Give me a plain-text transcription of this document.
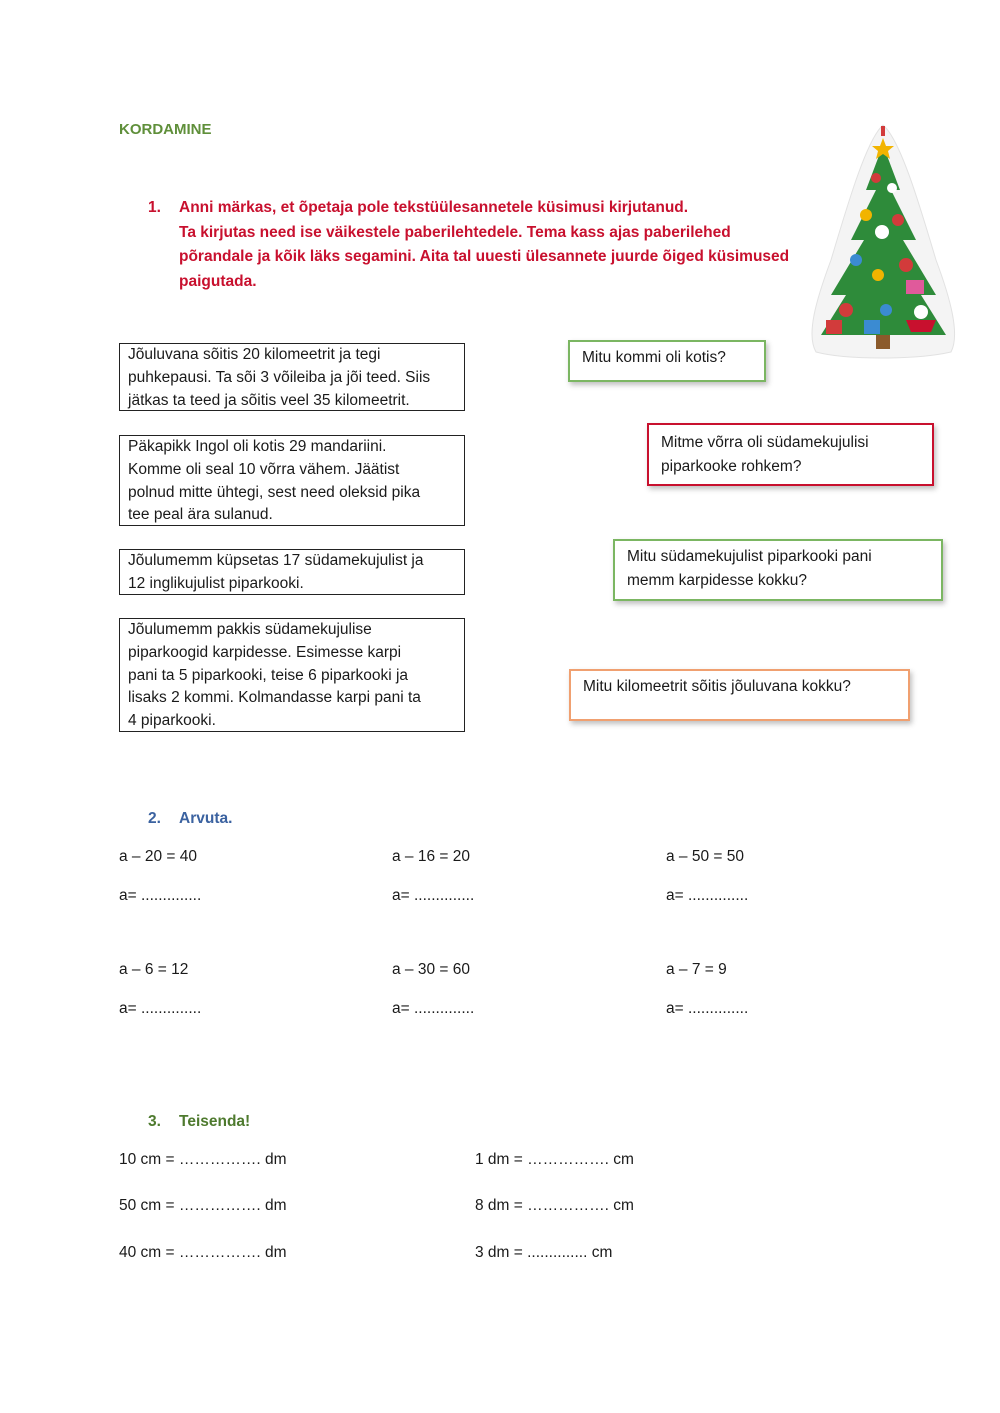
KORDAMINE
1. Anni märkas, et õpetaja pole tekstüülesannetele küsimusi kirjutanud.
Ta kirjutas need ise väikestele paberilehtedele. Tema kass ajas paberilehed
põrandale ja kõik läks segamini. Aita tal uuesti ülesannete juurde õiged küsimused
paigutada.
Jõuluvana sõitis 20 kilomeetrit ja tegi
puhkepausi. Ta sõi 3 võileiba ja jõi teed. Siis
jätkas ta teed ja sõitis veel 35 kilomeetrit.
Päkapikk Ingol oli kotis 29 mandariini.
Komme oli seal 10 võrra vähem. Jäätist
polnud mitte ühtegi, sest need oleksid pika
tee peal ära sulanud.
Jõulumemm küpsetas 17 südamekujulist ja
12 inglikujulist piparkooki.
Jõulumemm pakkis südamekujulise
piparkoogid karpidesse. Esimesse karpi
pani ta 5 piparkooki, teise 6 piparkooki ja
lisaks 2 kommi. Kolmandasse karpi pani ta
4 piparkooki.
Mitu kommi oli kotis?
Mitme võrra oli südamekujulisi
piparkooke rohkem?
Mitu südamekujulist piparkooki pani
memm karpidesse kokku?
Mitu kilomeetrit sõitis jõuluvana kokku?
2. Arvuta.
a – 20 = 40	a – 16 = 20	a – 50 = 50
a= ..............	a= ..............	a= ..............
a – 6 = 12	a – 30 = 60	a – 7 = 9
a= ..............	a= ..............	a= ..............
3. Teisenda!
10 cm = ……………. dm
50 cm = ……………. dm
40 cm = ……………. dm
1 dm = ……………. cm
8 dm = ……………. cm
3 dm = .............. cm
